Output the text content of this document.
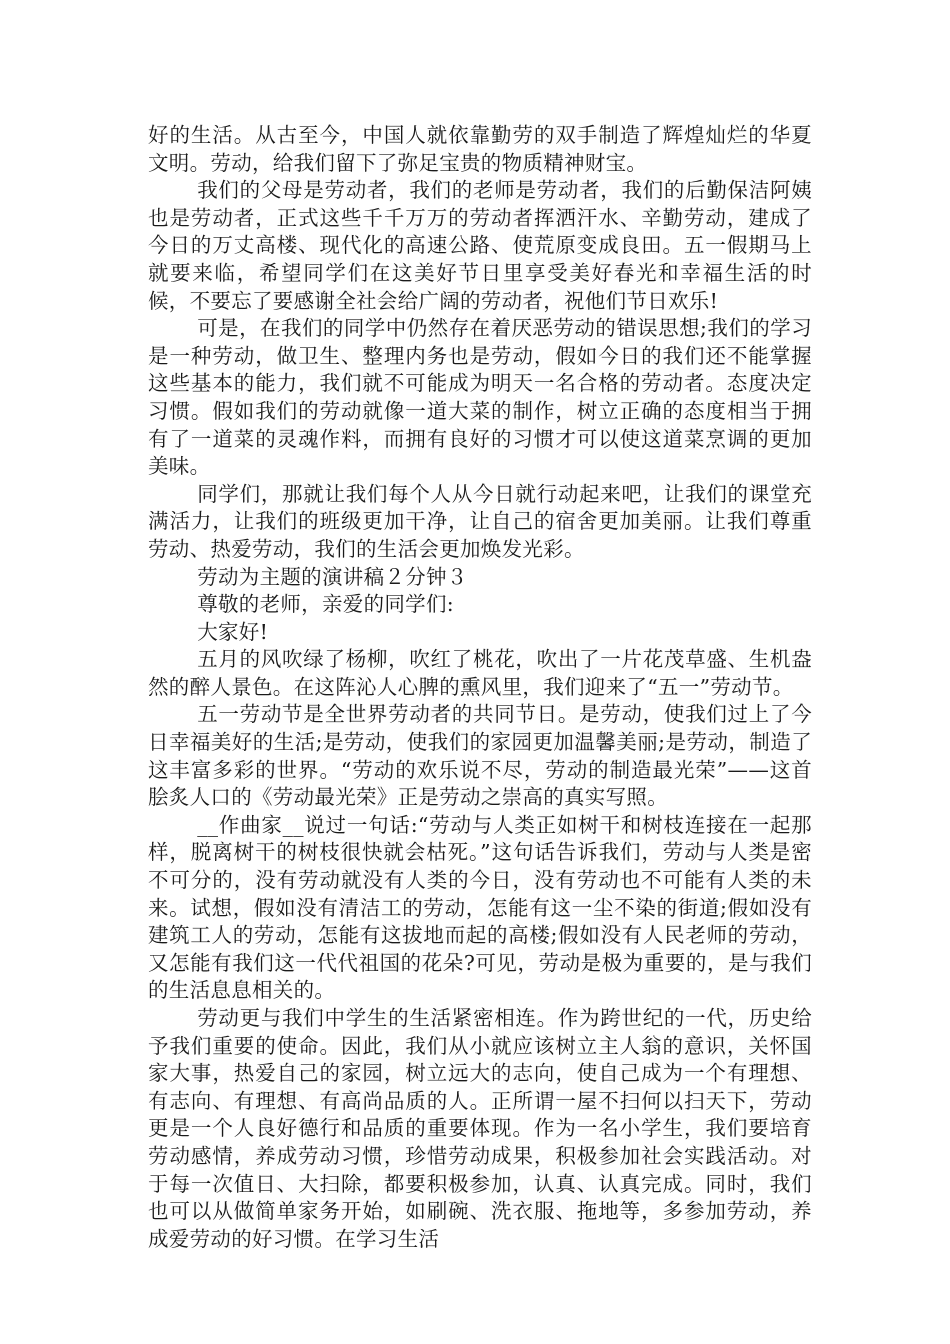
好的生活。从古至今，中国人就依靠勤劳的双手制造了辉煌灿烂的华夏文明。劳动，给我们留下了弥足宝贵的物质精神财宝。

我们的父母是劳动者，我们的老师是劳动者，我们的后勤保洁阿姨也是劳动者，正式这些千千万万的劳动者挥洒汗水、辛勤劳动，建成了今日的万丈高楼、现代化的高速公路、使荒原变成良田。五一假期马上就要来临，希望同学们在这美好节日里享受美好春光和幸福生活的时候，不要忘了要感谢全社会给广阔的劳动者，祝他们节日欢乐!

可是，在我们的同学中仍然存在着厌恶劳动的错误思想;我们的学习是一种劳动，做卫生、整理内务也是劳动，假如今日的我们还不能掌握这些基本的能力，我们就不可能成为明天一名合格的劳动者。态度决定习惯。假如我们的劳动就像一道大菜的制作，树立正确的态度相当于拥有了一道菜的灵魂作料，而拥有良好的习惯才可以使这道菜烹调的更加美味。

同学们，那就让我们每个人从今日就行动起来吧，让我们的课堂充满活力，让我们的班级更加干净，让自己的宿舍更加美丽。让我们尊重劳动、热爱劳动，我们的生活会更加焕发光彩。

劳动为主题的演讲稿２分钟３

尊敬的老师，亲爱的同学们:

大家好!

五月的风吹绿了杨柳，吹红了桃花，吹出了一片花茂草盛、生机盎然的醉人景色。在这阵沁人心脾的熏风里，我们迎来了“五一”劳动节。

五一劳动节是全世界劳动者的共同节日。是劳动，使我们过上了今日幸福美好的生活;是劳动，使我们的家园更加温馨美丽;是劳动，制造了这丰富多彩的世界。“劳动的欢乐说不尽，劳动的制造最光荣”——这首脍炙人口的《劳动最光荣》正是劳动之崇高的真实写照。

__作曲家__说过一句话:“劳动与人类正如树干和树枝连接在一起那样，脱离树干的树枝很快就会枯死。”这句话告诉我们，劳动与人类是密不可分的，没有劳动就没有人类的今日，没有劳动也不可能有人类的未来。试想，假如没有清洁工的劳动，怎能有这一尘不染的街道;假如没有建筑工人的劳动，怎能有这拔地而起的高楼;假如没有人民老师的劳动，又怎能有我们这一代代祖国的花朵?可见，劳动是极为重要的，是与我们的生活息息相关的。

劳动更与我们中学生的生活紧密相连。作为跨世纪的一代，历史给予我们重要的使命。因此，我们从小就应该树立主人翁的意识，关怀国家大事，热爱自己的家园，树立远大的志向，使自己成为一个有理想、有志向、有理想、有高尚品质的人。正所谓一屋不扫何以扫天下，劳动更是一个人良好德行和品质的重要体现。作为一名小学生，我们要培育劳动感情，养成劳动习惯，珍惜劳动成果，积极参加社会实践活动。对于每一次值日、大扫除，都要积极参加，认真、认真完成。同时，我们也可以从做简单家务开始，如刷碗、洗衣服、拖地等，多参加劳动，养成爱劳动的好习惯。在学习生活
